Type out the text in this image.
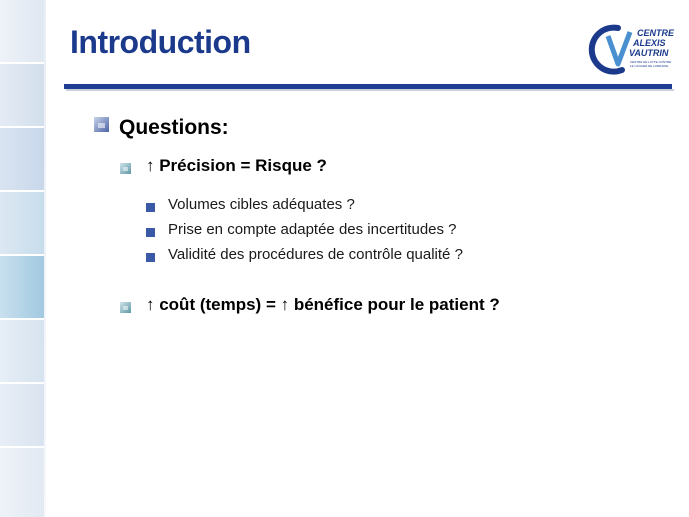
Introduction	CENTRE
ALEXIS
VAUTRIN
CENTRE DE LUTTE CONTRE
LE CANCER DE LORRAINE
Questions:
↑ Précision = Risque ?
Volumes cibles adéquates ?
Prise en compte adaptée des incertitudes ?
Validité des procédures de contrôle qualité ?
↑ coût (temps) = ↑ bénéfice pour le patient ?
